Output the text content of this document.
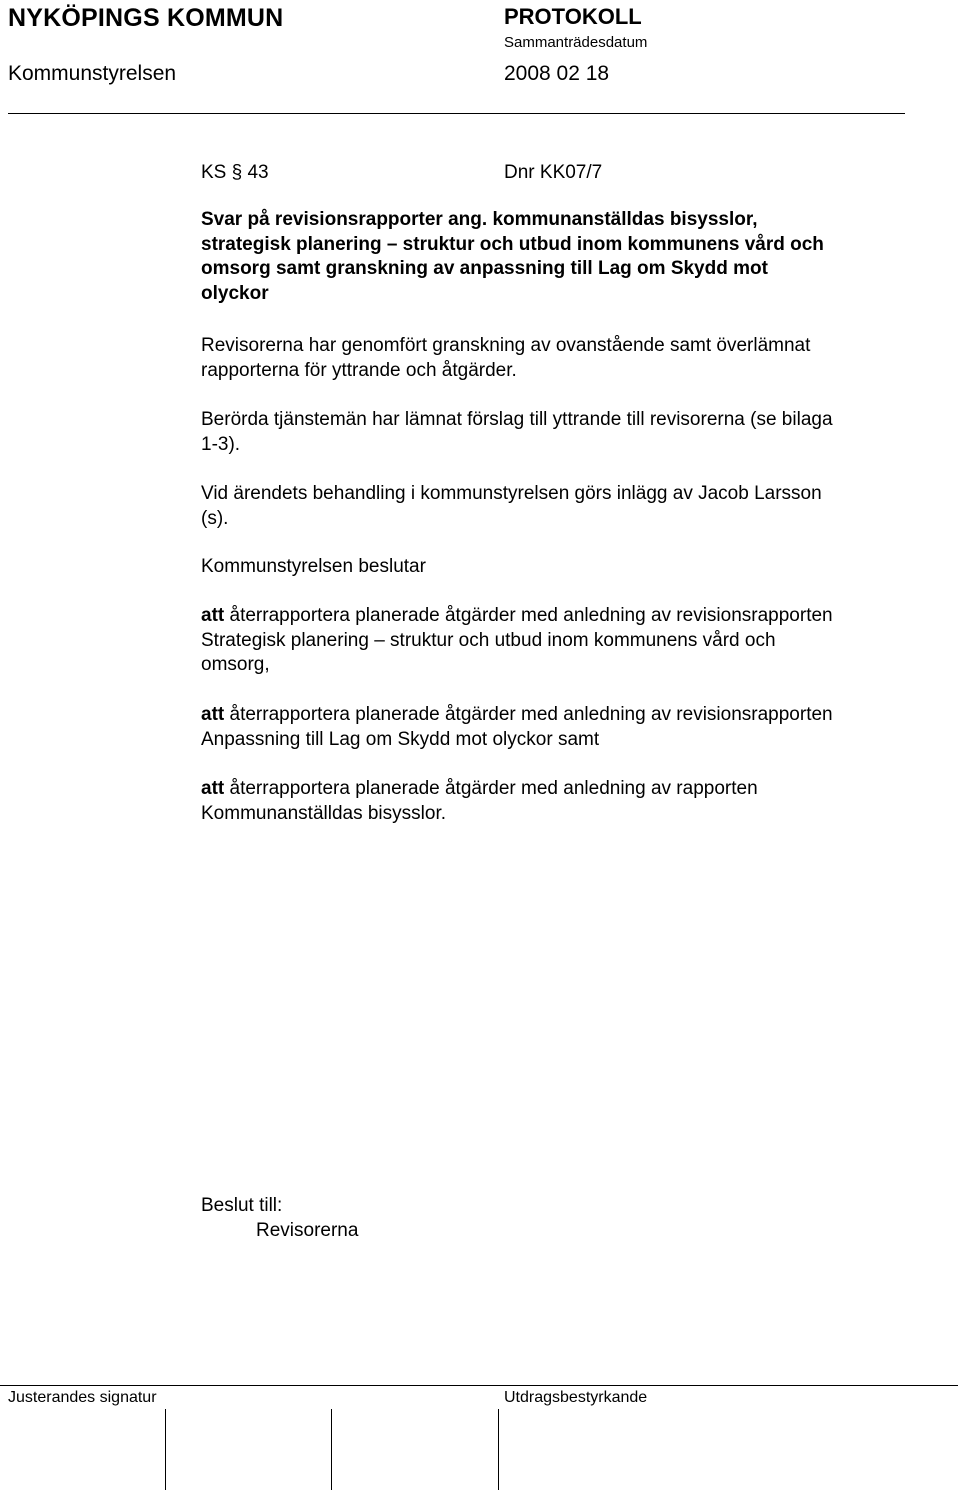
NYKÖPINGS KOMMUN	PROTOKOLL
Sammanträdesdatum
Kommunstyrelsen	2008 02 18
KS § 43	Dnr KK07/7
Svar på revisionsrapporter ang. kommunanställdas bisysslor,
strategisk planering – struktur och utbud inom kommunens vård och
omsorg samt granskning av anpassning till Lag om Skydd mot
olyckor
Revisorerna har genomfört granskning av ovanstående samt överlämnat
rapporterna för yttrande och åtgärder.
Berörda tjänstemän har lämnat förslag till yttrande till revisorerna (se bilaga
1-3).
Vid ärendets behandling i kommunstyrelsen görs inlägg av Jacob Larsson
(s).
Kommunstyrelsen beslutar
att återrapportera planerade åtgärder med anledning av revisionsrapporten
Strategisk planering – struktur och utbud inom kommunens vård och
omsorg,
att återrapportera planerade åtgärder med anledning av revisionsrapporten
Anpassning till Lag om Skydd mot olyckor samt
att återrapportera planerade åtgärder med anledning av rapporten
Kommunanställdas bisysslor.
Beslut till:
Revisorerna
Justerandes signatur	Utdragsbestyrkande
